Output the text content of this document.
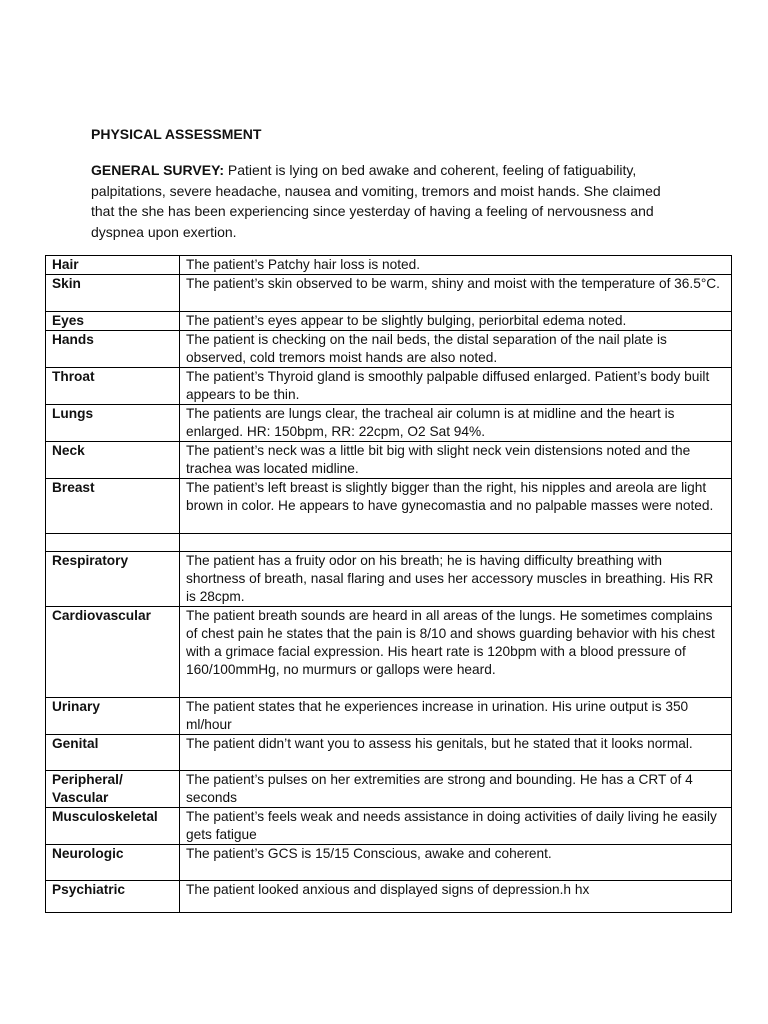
PHYSICAL ASSESSMENT

GENERAL SURVEY: Patient is lying on bed awake and coherent, feeling of fatiguability, palpitations, severe headache, nausea and vomiting, tremors and moist hands. She claimed that the she has been experiencing since yesterday of having a feeling of nervousness and dyspnea upon exertion.

Hair	The patient’s Patchy hair loss is noted.
Skin	The patient’s skin observed to be warm, shiny and moist with the temperature of 36.5°C.
Eyes	The patient’s eyes appear to be slightly bulging, periorbital edema noted.
Hands	The patient is checking on the nail beds, the distal separation of the nail plate is observed, cold tremors moist hands are also noted.
Throat	The patient’s Thyroid gland is smoothly palpable diffused enlarged. Patient’s body built appears to be thin.
Lungs	The patients are lungs clear, the tracheal air column is at midline and the heart is enlarged. HR: 150bpm, RR: 22cpm, O2 Sat 94%.
Neck	The patient’s neck was a little bit big with slight neck vein distensions noted and the trachea was located midline.
Breast	The patient’s left breast is slightly bigger than the right, his nipples and areola are light brown in color. He appears to have gynecomastia and no palpable masses were noted.

Respiratory	The patient has a fruity odor on his breath; he is having difficulty breathing with shortness of breath, nasal flaring and uses her accessory muscles in breathing. His RR is 28cpm.
Cardiovascular	The patient breath sounds are heard in all areas of the lungs. He sometimes complains of chest pain he states that the pain is 8/10 and shows guarding behavior with his chest with a grimace facial expression. His heart rate is 120bpm with a blood pressure of 160/100mmHg, no murmurs or gallops were heard.
Urinary	The patient states that he experiences increase in urination. His urine output is 350 ml/hour
Genital	The patient didn’t want you to assess his genitals, but he stated that it looks normal.
Peripheral/ Vascular	The patient’s pulses on her extremities are strong and bounding. He has a CRT of 4 seconds
Musculoskeletal	The patient’s feels weak and needs assistance in doing activities of daily living he easily gets fatigue
Neurologic	The patient’s GCS is 15/15 Conscious, awake and coherent.
Psychiatric	The patient looked anxious and displayed signs of depression.h hx
